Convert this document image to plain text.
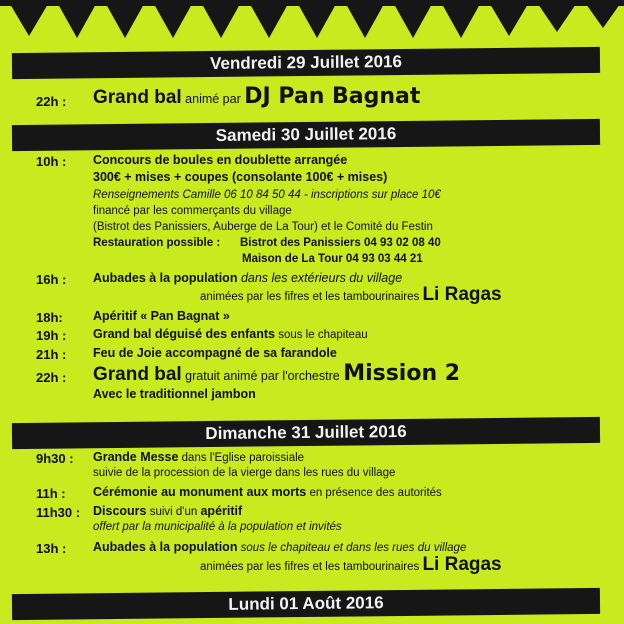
Vendredi 29 Juillet 2016
22h : Grand bal animé par DJ Pan Bagnat
Samedi 30 Juillet 2016
10h : Concours de boules en doublette arrangée
300€ + mises + coupes (consolante 100€ + mises)
Renseignements Camille 06 10 84 50 44 - inscriptions sur place 10€
financé par les commerçants du village
(Bistrot des Panissiers, Auberge de La Tour) et le Comité du Festin
Restauration possible : Bistrot des Panissiers 04 93 02 08 40
Maison de La Tour 04 93 03 44 21
16h : Aubades à la population dans les extérieurs du village
animées par les fifres et les tambourinaires Li Ragas
18h: Apéritif « Pan Bagnat »
19h : Grand bal déguisé des enfants sous le chapiteau
21h : Feu de Joie accompagné de sa farandole
22h : Grand bal gratuit animé par l'orchestre Mission 2
Avec le traditionnel jambon
Dimanche 31 Juillet 2016
9h30 : Grande Messe dans l'Eglise paroissiale
suivie de la procession de la vierge dans les rues du village
11h : Cérémonie au monument aux morts en présence des autorités
11h30 : Discours suivi d'un apéritif
offert par la municipalité à la population et invités
13h : Aubades à la population sous le chapiteau et dans les rues du village
animées par les fifres et les tambourinaires Li Ragas
Lundi 01 Août 2016
